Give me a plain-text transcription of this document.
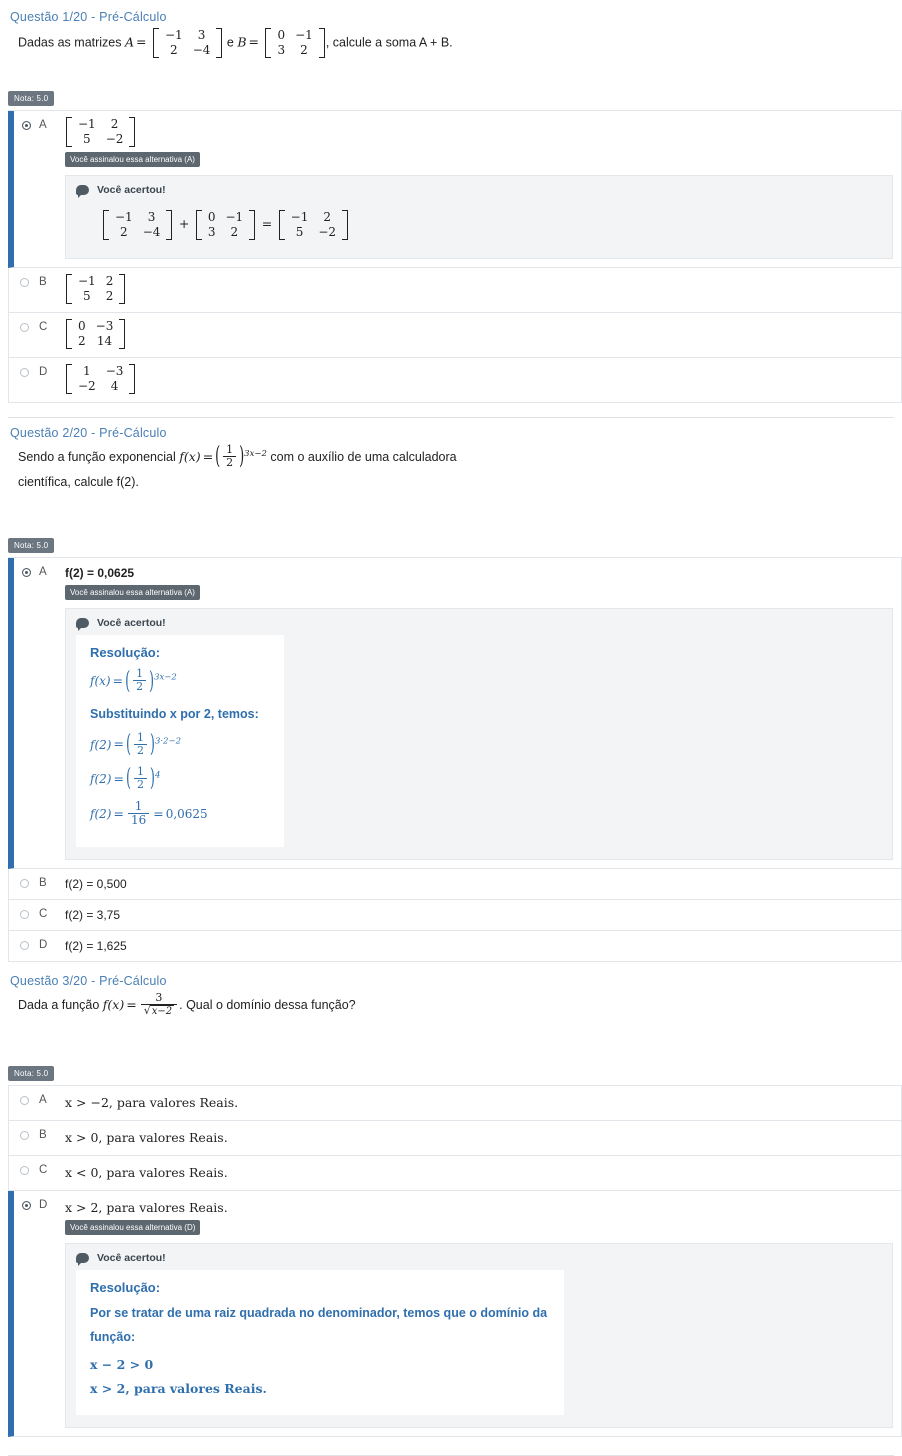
Questão 1/20 - Pré-Cálculo
Dadas as matrizes A = −1	3
2	−4
e B = 0	−1
3	2
, calcule a soma A + B.
Nota: 5.0
A	−1	2
5	−2
Você assinalou essa alternativa (A)
Você acertou!
−1	3
2	−4
+ 0	−1
3	2
= −1	2
5	−2
B	−1	2
5	2
C	0	−3
2	14
D	1	−3
−2	4
Questão 2/20 - Pré-Cálculo
Sendo a função exponencial f(x) = ( $\frac{1}{2}$
) $^{3x-2}$ com o auxílio de uma calculadora
científica, calcule f(2).
Nota: 5.0
A	f(2) = 0,0625
Você assinalou essa alternativa (A)
Você acertou!
Resolução:
f(x) = ( $\frac{1}{2}$
) $^{3x-2}$
Substituindo x por 2, temos:
f(2) = ( $\frac{1}{2}$
) $^{3\cdot 2-2}$
f(2) = ( $\frac{1}{2}$
) $^4$
$f(2) = \frac{1}{16} = 0,0625$
B	f(2) = 0,500
C	f(2) = 3,75
D	f(2) = 1,625
Questão 3/20 - Pré-Cálculo
Dada a função $f(x) = \frac{3}{√x-2}$ . Qual o domínio dessa função?
Nota: 5.0
A	x > −2, para valores Reais.
B	x > 0, para valores Reais.
C	x < 0, para valores Reais.
D	x > 2, para valores Reais.
Você assinalou essa alternativa (D)
Você acertou!
Resolução:
Por se tratar de uma raiz quadrada no denominador, temos que o domínio da
função:
x − 2 > 0
x > 2, para valores Reais.
